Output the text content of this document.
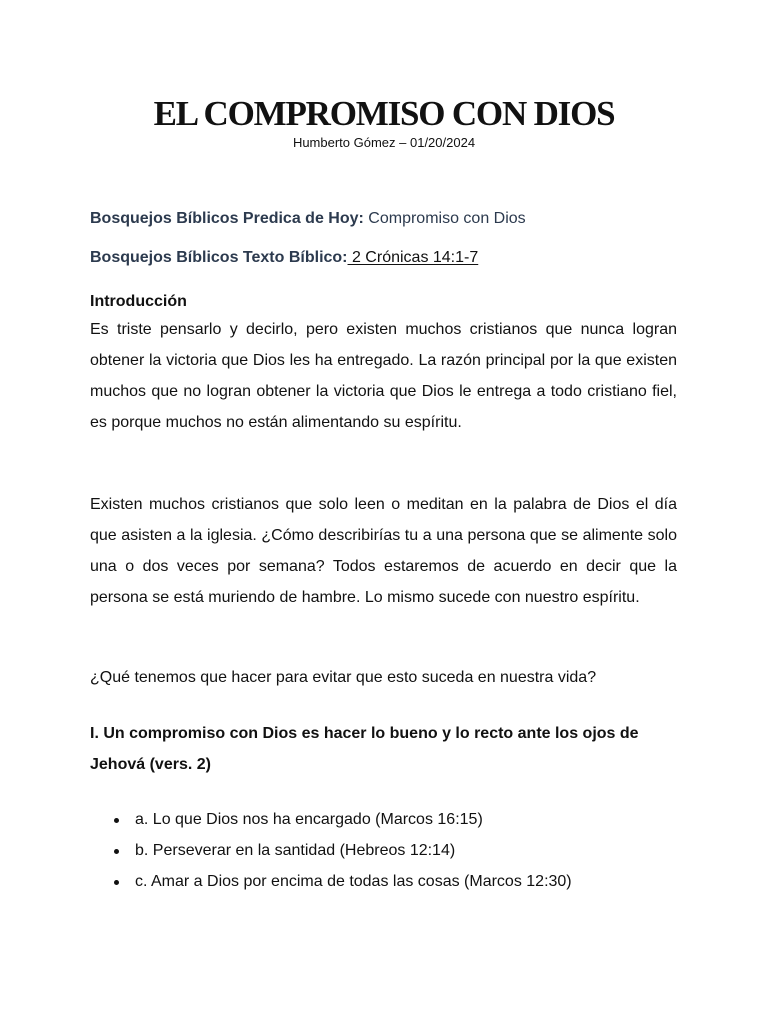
EL COMPROMISO CON DIOS
Humberto Gómez – 01/20/2024
Bosquejos Bíblicos Predica de Hoy: Compromiso con Dios
Bosquejos Bíblicos Texto Bíblico: 2 Crónicas 14:1-7
Introducción
Es triste pensarlo y decirlo, pero existen muchos cristianos que nunca logran obtener la victoria que Dios les ha entregado. La razón principal por la que existen muchos que no logran obtener la victoria que Dios le entrega a todo cristiano fiel, es porque muchos no están alimentando su espíritu.
Existen muchos cristianos que solo leen o meditan en la palabra de Dios el día que asisten a la iglesia. ¿Cómo describirías tu a una persona que se alimente solo una o dos veces por semana? Todos estaremos de acuerdo en decir que la persona se está muriendo de hambre. Lo mismo sucede con nuestro espíritu.
¿Qué tenemos que hacer para evitar que esto suceda en nuestra vida?
I. Un compromiso con Dios es hacer lo bueno y lo recto ante los ojos de Jehová (vers. 2)
a. Lo que Dios nos ha encargado (Marcos 16:15)
b. Perseverar en la santidad (Hebreos 12:14)
c. Amar a Dios por encima de todas las cosas (Marcos 12:30)
